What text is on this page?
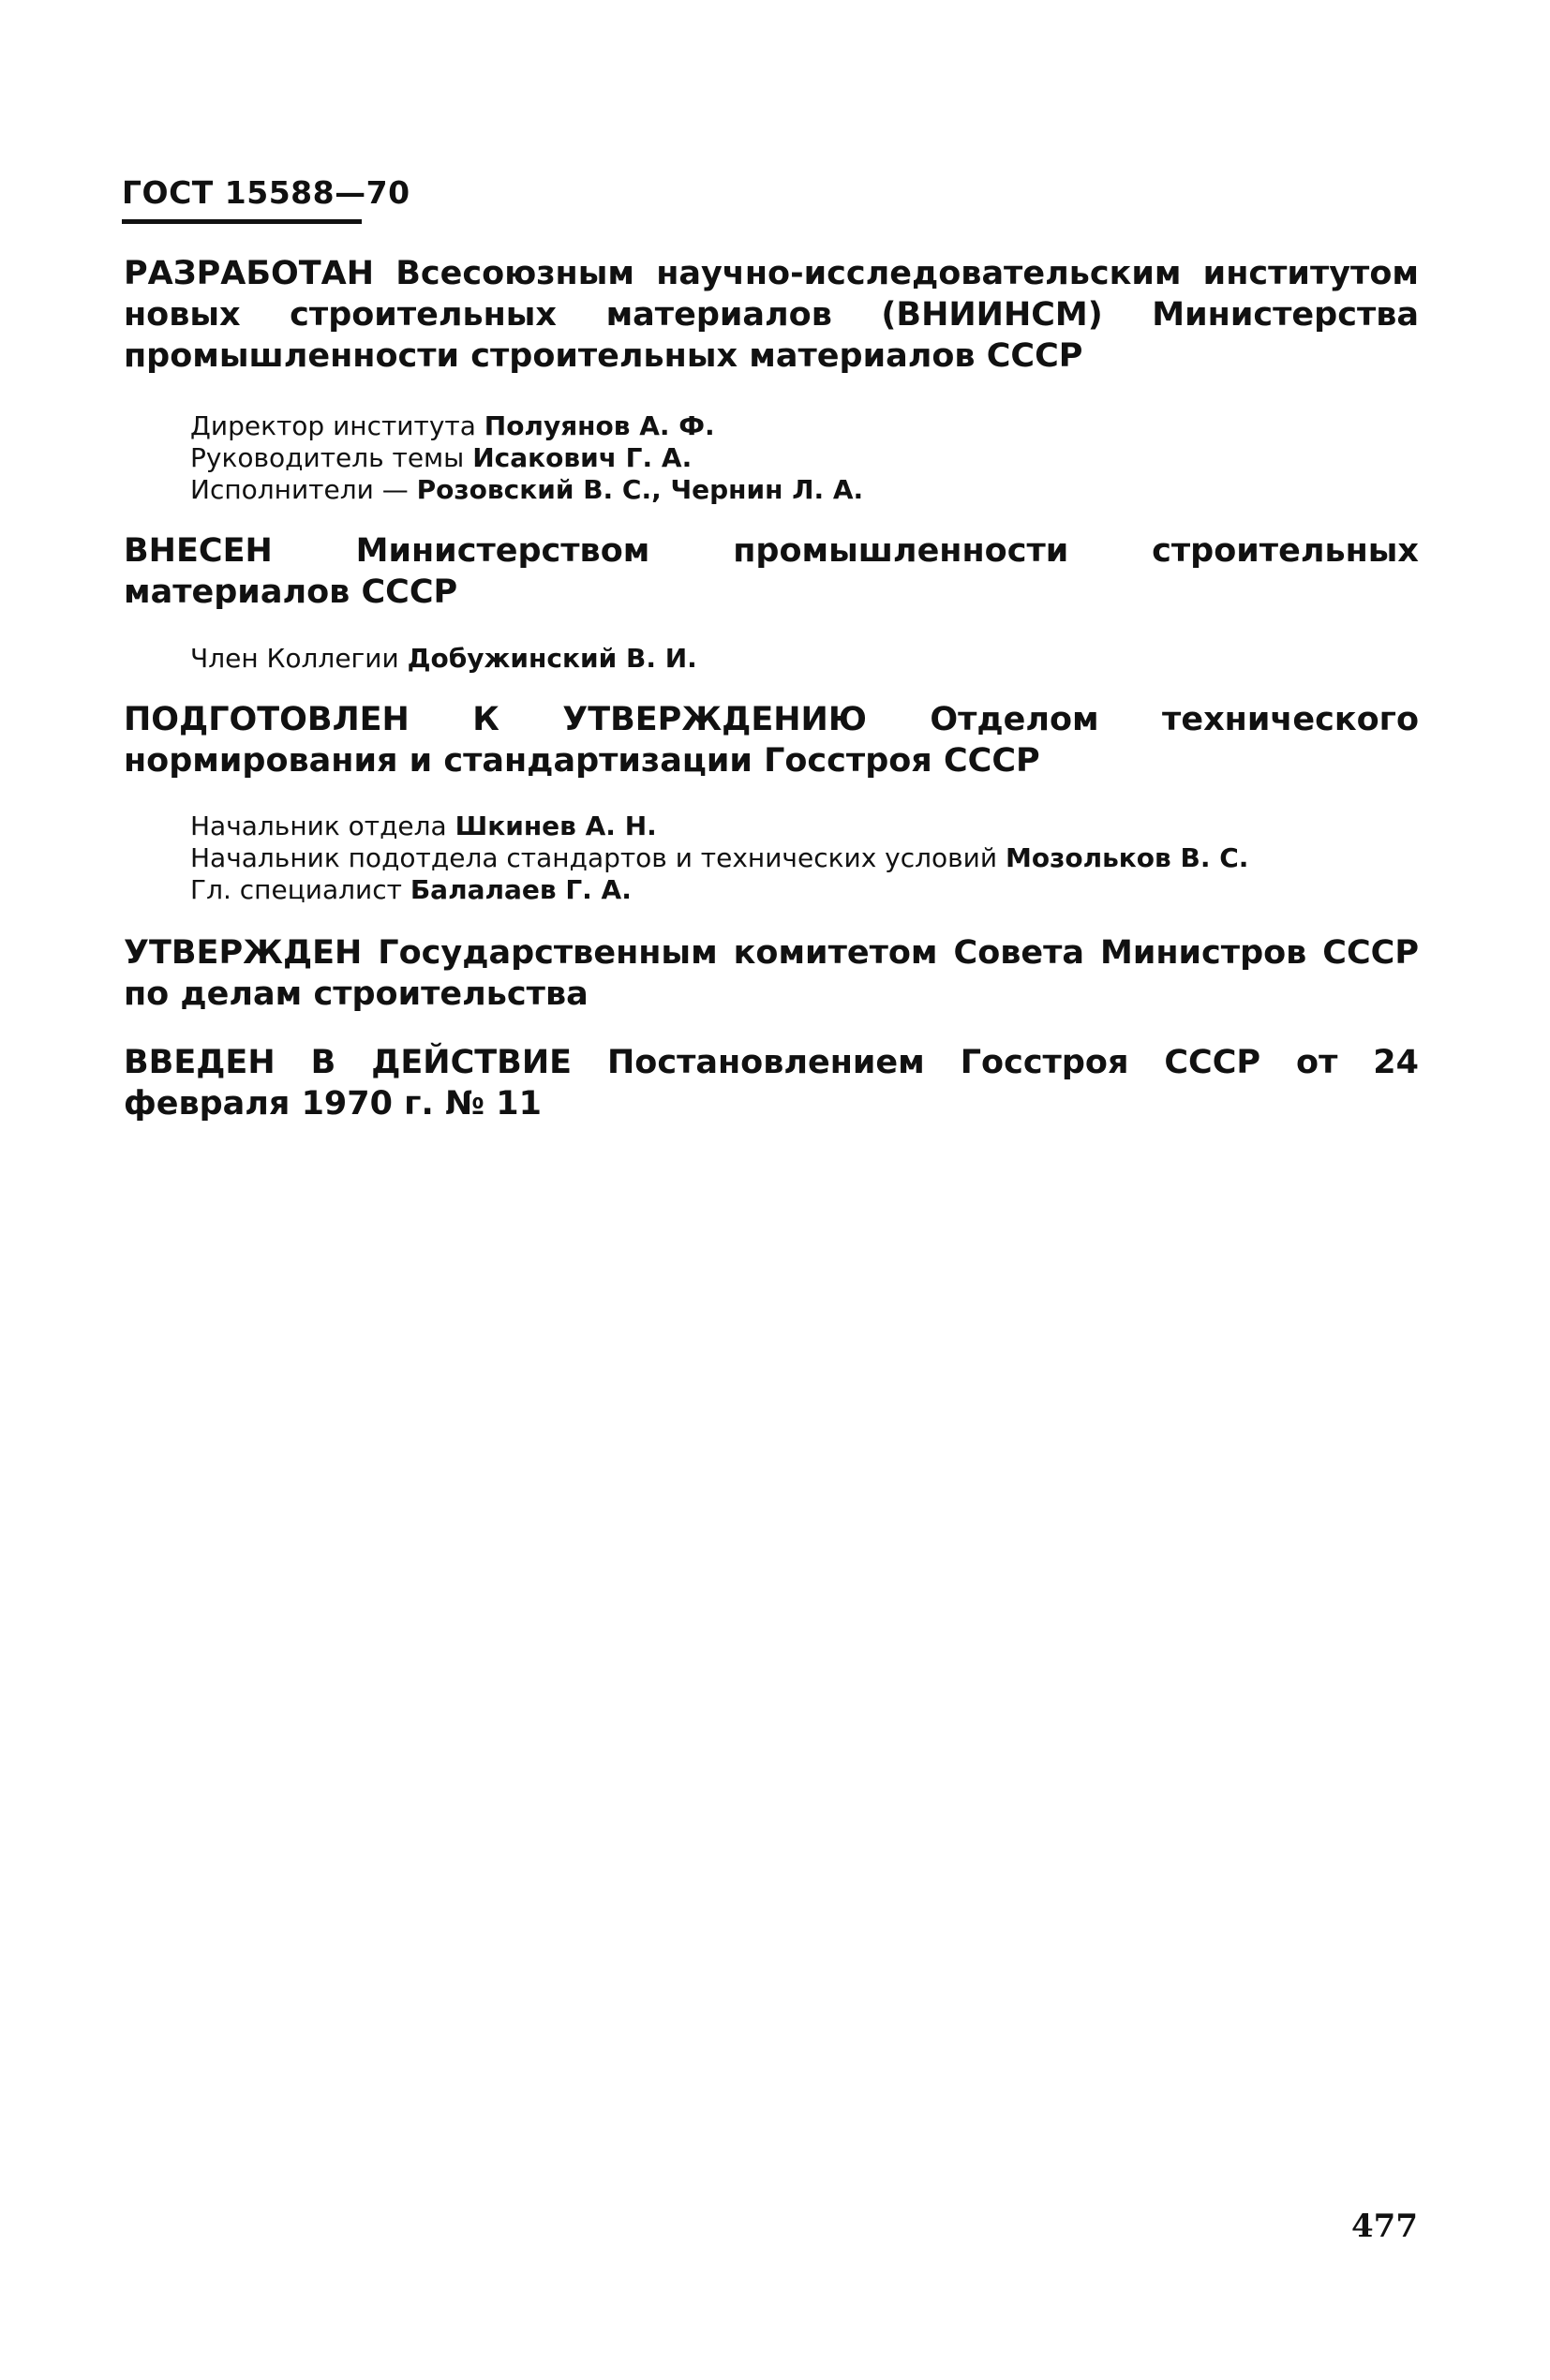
ГОСТ 15588—70
РАЗРАБОТАН Всесоюзным научно-исследовательским институтом новых строительных материалов (ВНИИНСМ) Министерства промышленности строительных материалов СССР
Директор института Полуянов А. Ф.
Руководитель темы Исакович Г. А.
Исполнители — Розовский В. С., Чернин Л. А.
ВНЕСЕН	Министерством промышленности строительных материалов СССР
Член Коллегии Добужинский В. И.
ПОДГОТОВЛЕН К УТВЕРЖДЕНИЮ Отделом технического нормирования и стандартизации Госстроя СССР
Начальник отдела Шкинев А. Н.
Начальник подотдела стандартов и технических условий Мозольков В. С.
Гл. специалист Балалаев Г. А.
УТВЕРЖДЕН Государственным комитетом Совета Министров СССР по делам строительства
ВВЕДЕН В ДЕЙСТВИЕ Постановлением Госстроя СССР от 24 февраля 1970 г. № 11
477
